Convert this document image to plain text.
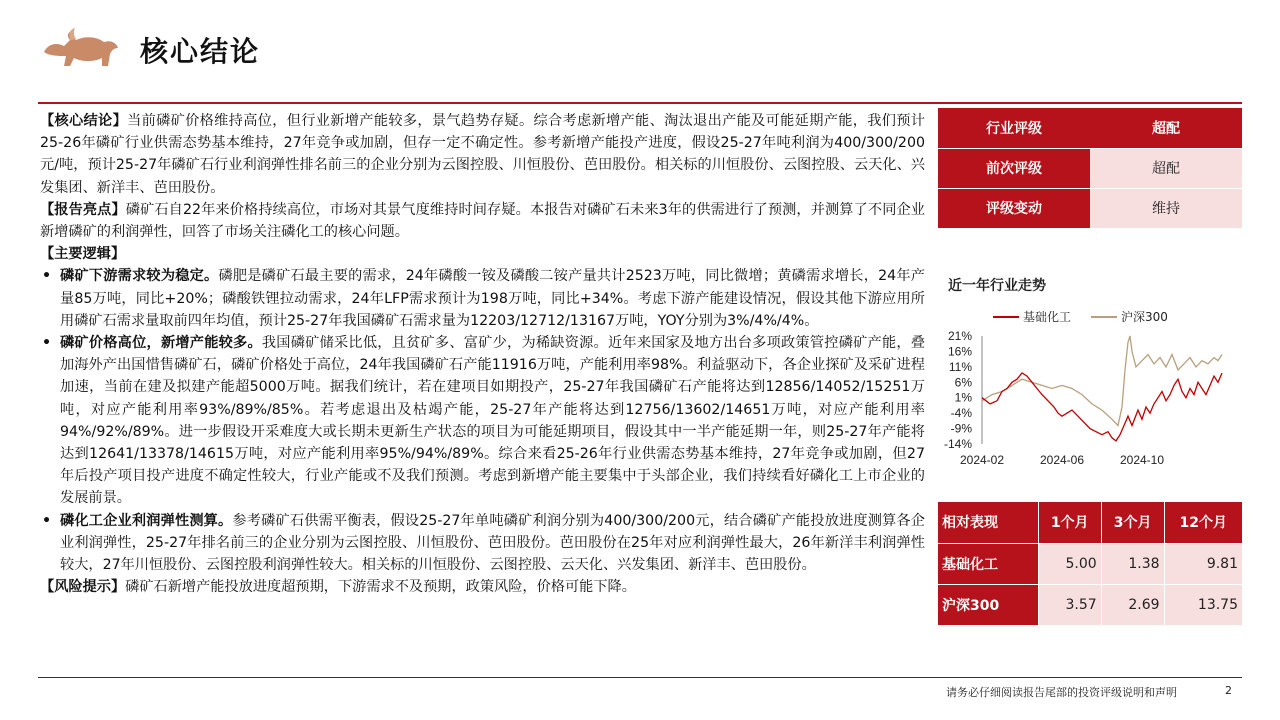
核心结论

【核心结论】当前磷矿价格维持高位，但行业新增产能较多，景气趋势存疑。综合考虑新增产能、淘汰退出产能及可能延期产能，我们预计25-26年磷矿行业供需态势基本维持，27年竞争或加剧，但存一定不确定性。参考新增产能投产进度，假设25-27年吨利润为400/300/200元/吨，预计25-27年磷矿石行业利润弹性排名前三的企业分别为云图控股、川恒股份、芭田股份。相关标的川恒股份、云图控股、云天化、兴发集团、新洋丰、芭田股份。

【报告亮点】磷矿石自22年来价格持续高位，市场对其景气度维持时间存疑。本报告对磷矿石未来3年的供需进行了预测，并测算了不同企业新增磷矿的利润弹性，回答了市场关注磷化工的核心问题。

【主要逻辑】

• 磷矿下游需求较为稳定。磷肥是磷矿石最主要的需求，24年磷酸一铵及磷酸二铵产量共计2523万吨，同比微增；黄磷需求增长，24年产量85万吨，同比+20%；磷酸铁锂拉动需求，24年LFP需求预计为198万吨，同比+34%。考虑下游产能建设情况，假设其他下游应用所用磷矿石需求量取前四年均值，预计25-27年我国磷矿石需求量为12203/12712/13167万吨，YOY分别为3%/4%/4%。

• 磷矿价格高位，新增产能较多。我国磷矿储采比低，且贫矿多、富矿少，为稀缺资源。近年来国家及地方出台多项政策管控磷矿产能，叠加海外产出国惜售磷矿石，磷矿价格处于高位，24年我国磷矿石产能11916万吨，产能利用率98%。利益驱动下，各企业探矿及采矿进程加速，当前在建及拟建产能超5000万吨。据我们统计，若在建项目如期投产，25-27年我国磷矿石产能将达到12856/14052/15251万吨，对应产能利用率93%/89%/85%。若考虑退出及枯竭产能，25-27年产能将达到12756/13602/14651万吨，对应产能利用率94%/92%/89%。进一步假设开采难度大或长期未更新生产状态的项目为可能延期项目，假设其中一半产能延期一年，则25-27年产能将达到12641/13378/14615万吨，对应产能利用率95%/94%/89%。综合来看25-26年行业供需态势基本维持，27年竞争或加剧，但27年后投产项目投产进度不确定性较大，行业产能或不及我们预测。考虑到新增产能主要集中于头部企业，我们持续看好磷化工上市企业的发展前景。

• 磷化工企业利润弹性测算。参考磷矿石供需平衡表，假设25-27年单吨磷矿利润分别为400/300/200元，结合磷矿产能投放进度测算各企业利润弹性，25-27年排名前三的企业分别为云图控股、川恒股份、芭田股份。芭田股份在25年对应利润弹性最大，26年新洋丰利润弹性较大，27年川恒股份、云图控股利润弹性较大。相关标的川恒股份、云图控股、云天化、兴发集团、新洋丰、芭田股份。

【风险提示】磷矿石新增产能投放进度超预期，下游需求不及预期，政策风险，价格可能下降。

行业评级	超配
前次评级	超配
评级变动	维持
近一年行业走势
基础化工	沪深300
21%
16%
11%
6%
1%
-4%
-9%
-14%
2024-02	2024-06	2024-10
相对表现	1个月	3个月	12个月
基础化工	5.00	1.38	9.81
沪深300	3.57	2.69	13.75
请务必仔细阅读报告尾部的投资评级说明和声明	2
